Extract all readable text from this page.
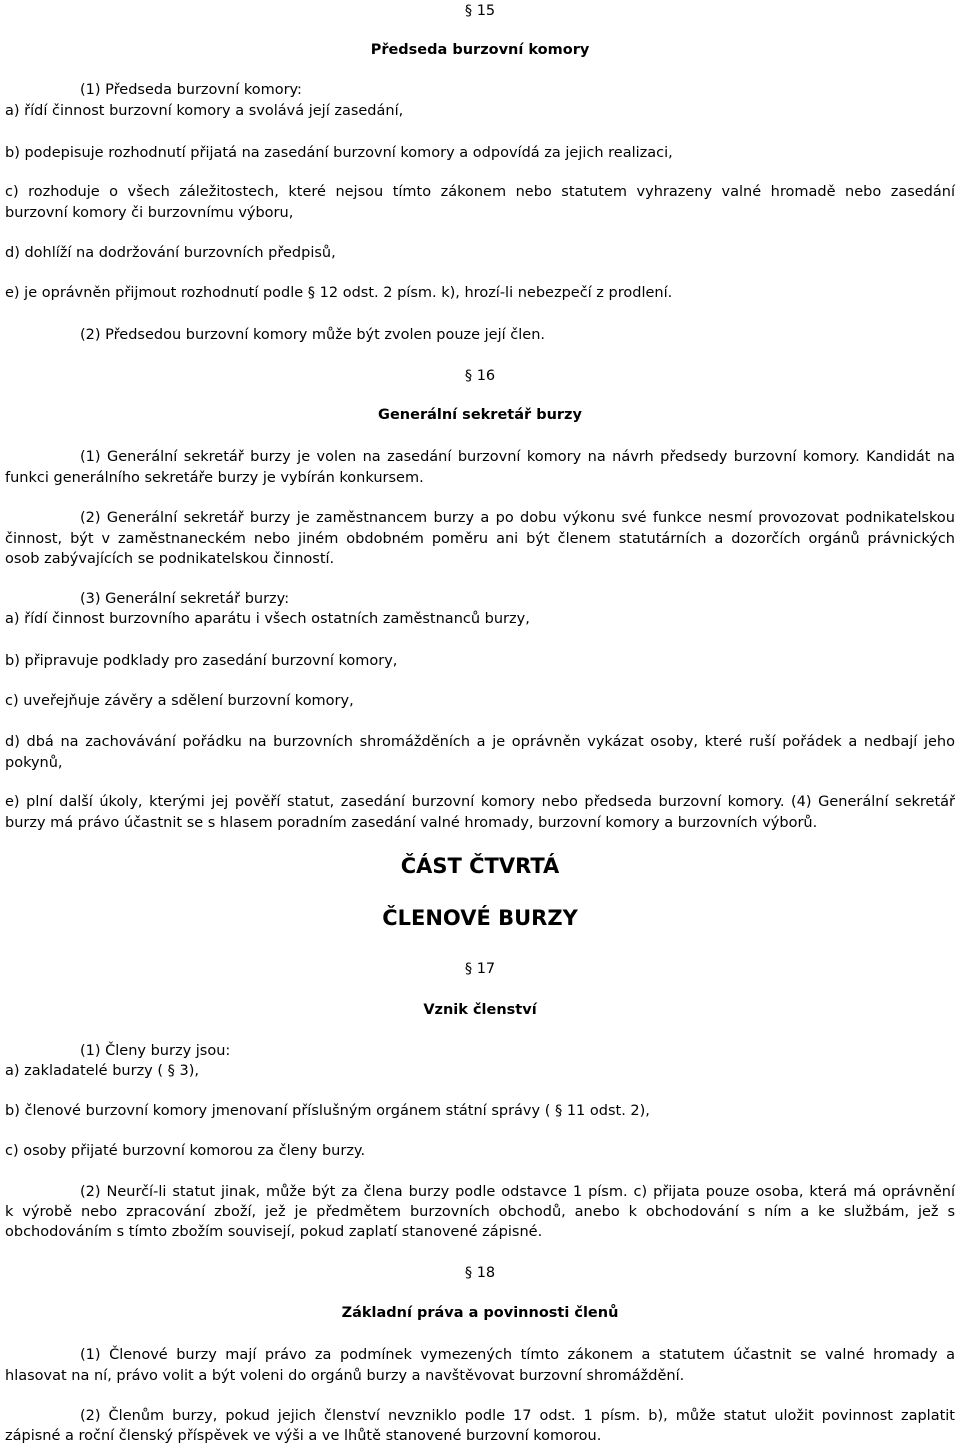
§ 15
Předseda burzovní komory
(1) Předseda burzovní komory:
a) řídí činnost burzovní komory a svolává její zasedání,
b) podepisuje rozhodnutí přijatá na zasedání burzovní komory a odpovídá za jejich realizaci,
c) rozhoduje o všech záležitostech, které nejsou tímto zákonem nebo statutem vyhrazeny valné hromadě nebo zasedání
burzovní komory či burzovnímu výboru,
d) dohlíží na dodržování burzovních předpisů,
e) je oprávněn přijmout rozhodnutí podle § 12 odst. 2 písm. k), hrozí-li nebezpečí z prodlení.
(2) Předsedou burzovní komory může být zvolen pouze její člen.
§ 16
Generální sekretář burzy
(1) Generální sekretář burzy je volen na zasedání burzovní komory na návrh předsedy burzovní komory. Kandidát na
funkci generálního sekretáře burzy je vybírán konkursem.
(2) Generální sekretář burzy je zaměstnancem burzy a po dobu výkonu své funkce nesmí provozovat podnikatelskou
činnost, být v zaměstnaneckém nebo jiném obdobném poměru ani být členem statutárních a dozorčích orgánů právnických
osob zabývajících se podnikatelskou činností.
(3) Generální sekretář burzy:
a) řídí činnost burzovního aparátu i všech ostatních zaměstnanců burzy,
b) připravuje podklady pro zasedání burzovní komory,
c) uveřejňuje závěry a sdělení burzovní komory,
d) dbá na zachovávání pořádku na burzovních shromážděních a je oprávněn vykázat osoby, které ruší pořádek a nedbají jeho
pokynů,
e) plní další úkoly, kterými jej pověří statut, zasedání burzovní komory nebo předseda burzovní komory. (4) Generální sekretář
burzy má právo účastnit se s hlasem poradním zasedání valné hromady, burzovní komory a burzovních výborů.
ČÁST ČTVRTÁ
ČLENOVÉ BURZY
§ 17
Vznik členství
(1) Členy burzy jsou:
a) zakladatelé burzy ( § 3),
b) členové burzovní komory jmenovaní příslušným orgánem státní správy ( § 11 odst. 2),
c) osoby přijaté burzovní komorou za členy burzy.
(2) Neurčí-li statut jinak, může být za člena burzy podle odstavce 1 písm. c) přijata pouze osoba, která má oprávnění
k výrobě nebo zpracování zboží, jež je předmětem burzovních obchodů, anebo k obchodování s ním a ke službám, jež s
obchodováním s tímto zbožím souvisejí, pokud zaplatí stanovené zápisné.
§ 18
Základní práva a povinnosti členů
(1) Členové burzy mají právo za podmínek vymezených tímto zákonem a statutem účastnit se valné hromady a
hlasovat na ní, právo volit a být voleni do orgánů burzy a navštěvovat burzovní shromáždění.
(2) Členům burzy, pokud jejich členství nevzniklo podle 17 odst. 1 písm. b), může statut uložit povinnost zaplatit
zápisné a roční členský příspěvek ve výši a ve lhůtě stanovené burzovní komorou.
